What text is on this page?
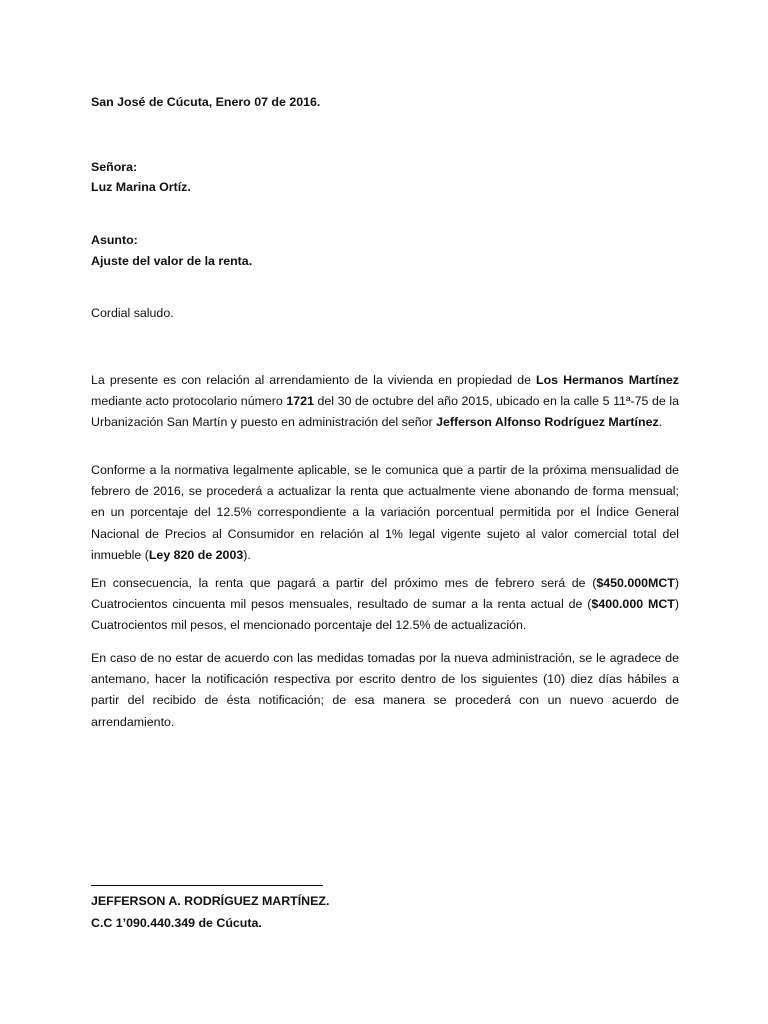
San José de Cúcuta, Enero 07 de 2016.
Señora:
Luz Marina Ortíz.
Asunto:
Ajuste del valor de la renta.
Cordial saludo.
La presente es con relación al arrendamiento de la vivienda en propiedad de Los Hermanos Martínez mediante acto protocolario número 1721 del 30 de octubre del año 2015, ubicado en la calle 5 11ª-75 de la Urbanización San Martín y puesto en administración del señor Jefferson Alfonso Rodríguez Martínez.
Conforme a la normativa legalmente aplicable, se le comunica que a partir de la próxima mensualidad de febrero de 2016, se procederá a actualizar la renta que actualmente viene abonando de forma mensual; en un porcentaje del 12.5% correspondiente a la variación porcentual permitida por el Índice General Nacional de Precios al Consumidor en relación al 1% legal vigente sujeto al valor comercial total del inmueble (Ley 820 de 2003).
En consecuencia, la renta que pagará a partir del próximo mes de febrero será de ($450.000MCT) Cuatrocientos cincuenta mil pesos mensuales, resultado de sumar a la renta actual de ($400.000 MCT) Cuatrocientos mil pesos, el mencionado porcentaje del 12.5% de actualización.
En caso de no estar de acuerdo con las medidas tomadas por la nueva administración, se le agradece de antemano, hacer la notificación respectiva por escrito dentro de los siguientes (10) diez días hábiles a partir del recibido de ésta notificación; de esa manera se procederá con un nuevo acuerdo de arrendamiento.
JEFFERSON A. RODRÍGUEZ MARTÍNEZ.
C.C 1’090.440.349 de Cúcuta.
